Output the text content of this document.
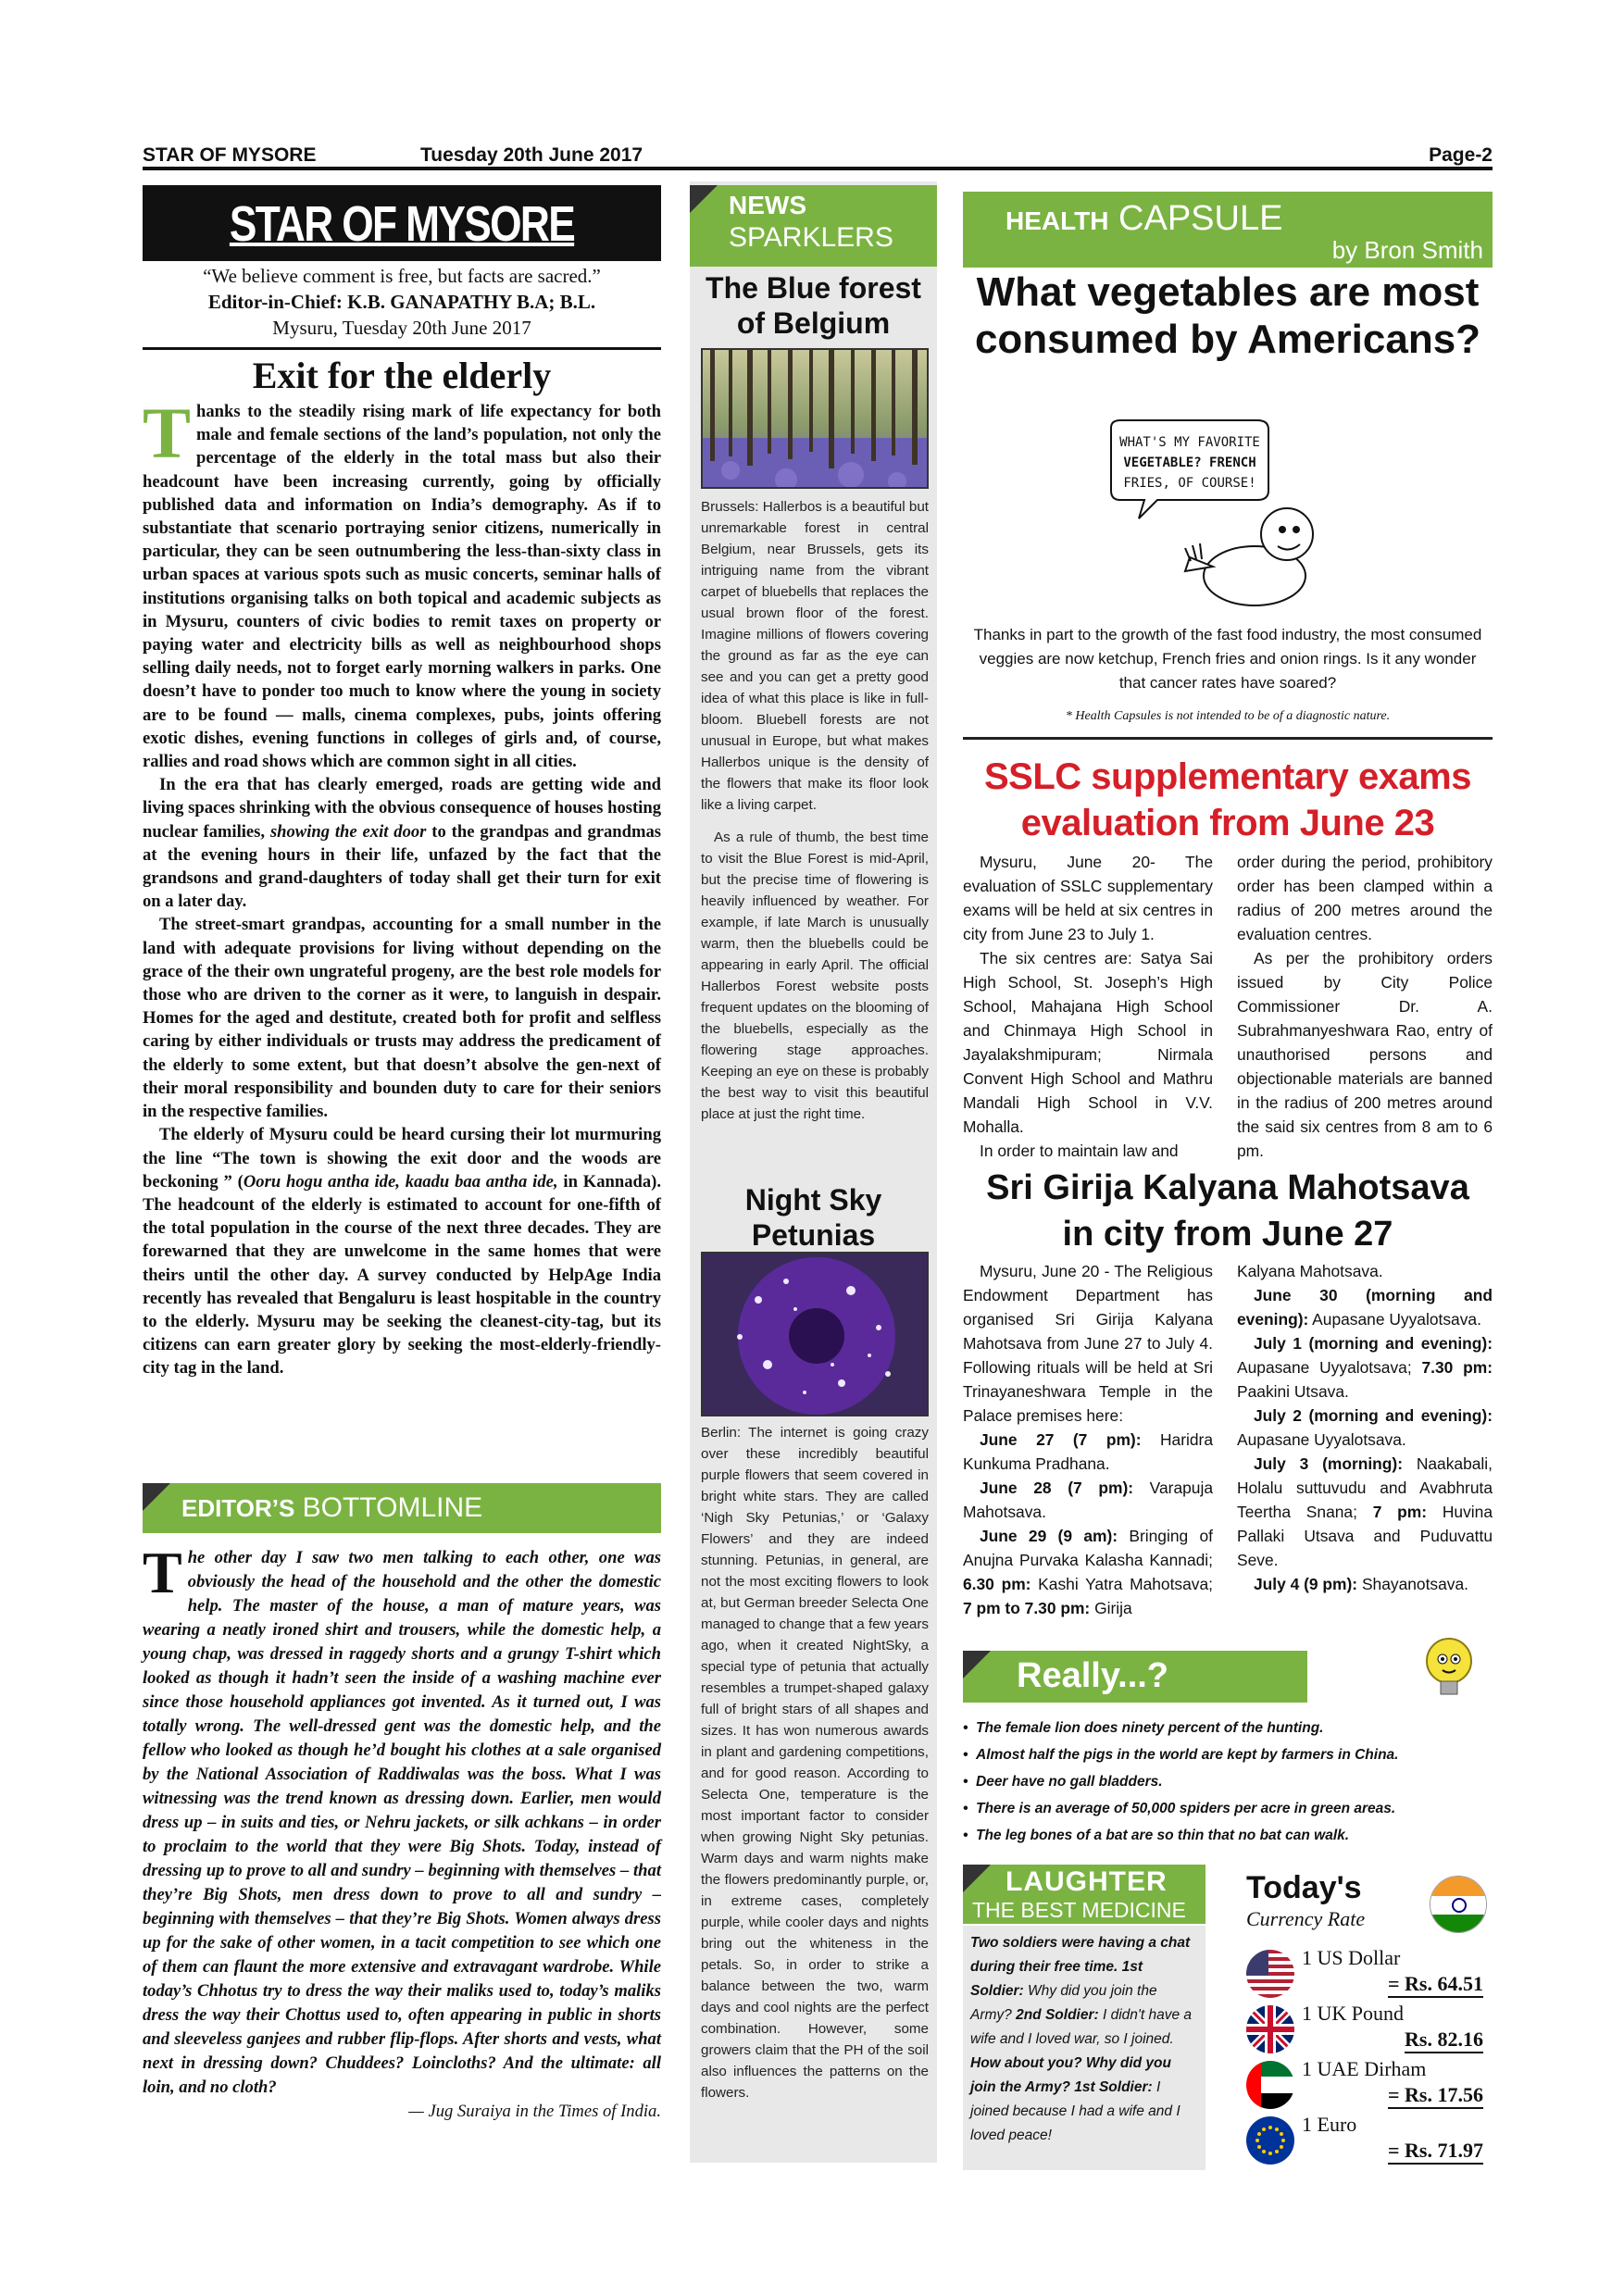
STAR OF MYSORE	Tuesday 20th June 2017	Page-2
STAR OF MYSORE
“We believe comment is free, but facts are sacred.”
Editor-in-Chief: K.B. GANAPATHY B.A; B.L.
Mysuru, Tuesday 20th June 2017
Exit for the elderly

Thanks to the steadily rising mark of life expectancy for both male and female sections of the land’s population, not only the percentage of the elderly in the total mass but also their headcount have been increasing currently, going by officially published data and information on India’s demography. As if to substantiate that scenario portraying senior citizens, numerically in particular, they can be seen outnumbering the less-than-sixty class in urban spaces at various spots such as music concerts, seminar halls of institutions organising talks on both topical and academic subjects as in Mysuru, counters of civic bodies to remit taxes on property or paying water and electricity bills as well as neighbourhood shops selling daily needs, not to forget early morning walkers in parks. One doesn’t have to ponder too much to know where the young in society are to be found — malls, cinema complexes, pubs, joints offering exotic dishes, evening functions in colleges of girls and, of course, rallies and road shows which are common sight in all cities.

In the era that has clearly emerged, roads are getting wide and living spaces shrinking with the obvious consequence of houses hosting nuclear families, showing the exit door to the grandpas and grandmas at the evening hours in their life, unfazed by the fact that the grandsons and grand-daughters of today shall get their turn for exit on a later day.

The street-smart grandpas, accounting for a small number in the land with adequate provisions for living without depending on the grace of the their own ungrateful progeny, are the best role models for those who are driven to the corner as it were, to languish in despair. Homes for the aged and destitute, created both for profit and selfless caring by either individuals or trusts may address the predicament of the elderly to some extent, but that doesn’t absolve the gen-next of their moral responsibility and bounden duty to care for their seniors in the respective families.

The elderly of Mysuru could be heard cursing their lot murmuring the line “The town is showing the exit door and the woods are beckoning ” (Ooru hogu antha ide, kaadu baa antha ide, in Kannada). The headcount of the elderly is estimated to account for one-fifth of the total population in the course of the next three decades. They are forewarned that they are unwelcome in the same homes that were theirs until the other day. A survey conducted by HelpAge India recently has revealed that Bengaluru is least hospitable in the country to the elderly. Mysuru may be seeking the cleanest-city-tag, but its citizens can earn greater glory by seeking the most-elderly-friendly-city tag in the land.

EDITOR’S BOTTOMLINE
The other day I saw two men talking to each other, one was obviously the head of the household and the other the domestic help. The master of the house, a man of mature years, was wearing a neatly ironed shirt and trousers, while the domestic help, a young chap, was dressed in raggedy shorts and a grungy T-shirt which looked as though it hadn’t seen the inside of a washing machine ever since those household appliances got invented. As it turned out, I was totally wrong. The well-dressed gent was the domestic help, and the fellow who looked as though he’d bought his clothes at a sale organised by the National Association of Raddiwalas was the boss. What I was witnessing was the trend known as dressing down. Earlier, men would dress up – in suits and ties, or Nehru jackets, or silk achkans – in order to proclaim to the world that they were Big Shots. Today, instead of dressing up to prove to all and sundry – beginning with themselves – that they’re Big Shots, men dress down to prove to all and sundry – beginning with themselves – that they’re Big Shots. Women always dress up for the sake of other women, in a tacit competition to see which one of them can flaunt the more extensive and extravagant wardrobe. While today’s Chhotus try to dress the way their maliks used to, today’s maliks dress the way their Chottus used to, often appearing in public in shorts and sleeveless ganjees and rubber flip-flops. After shorts and vests, what next in dressing down? Chuddees? Loincloths? And the ultimate: all loin, and no cloth?
— Jug Suraiya in the Times of India.
NEWS
SPARKLERS
The Blue forest of Belgium

Brussels: Hallerbos is a beautiful but unremarkable forest in central Belgium, near Brussels, gets its intriguing name from the vibrant carpet of bluebells that replaces the usual brown floor of the forest. Imagine millions of flowers covering the ground as far as the eye can see and you can get a pretty good idea of what this place is like in full-bloom. Bluebell forests are not unusual in Europe, but what makes Hallerbos unique is the density of the flowers that make its floor look like a living carpet.

As a rule of thumb, the best time to visit the Blue Forest is mid-April, but the precise time of flowering is heavily influenced by weather. For example, if late March is unusually warm, then the bluebells could be appearing in early April. The official Hallerbos Forest website posts frequent updates on the blooming of the bluebells, especially as the flowering stage approaches. Keeping an eye on these is probably the best way to visit this beautiful place at just the right time.

Night Sky Petunias

Berlin: The internet is going crazy over these incredibly beautiful purple flowers that seem covered in bright white stars. They are called ‘Nigh Sky Petunias,’ or ‘Galaxy Flowers’ and they are indeed stunning. Petunias, in general, are not the most exciting flowers to look at, but German breeder Selecta One managed to change that a few years ago, when it created NightSky, a special type of petunia that actually resembles a trumpet-shaped galaxy full of bright stars of all shapes and sizes. It has won numerous awards in plant and gardening competitions, and for good reason. According to Selecta One, temperature is the most important factor to consider when growing Night Sky petunias. Warm days and warm nights make the flowers predominantly purple, or, in extreme cases, completely purple, while cooler days and nights bring out the whiteness in the petals. So, in order to strike a balance between the two, warm days and cool nights are the perfect combination. However, some growers claim that the PH of the soil also influences the patterns on the flowers.

HEALTH CAPSULE
by Bron Smith
What vegetables are most consumed by Americans?
WHAT'S MY FAVORITE
VEGETABLE? FRENCH
FRIES, OF COURSE!
Thanks in part to the growth of the fast food industry, the most consumed veggies are now ketchup, French fries and onion rings. Is it any wonder that cancer rates have soared?
* Health Capsules is not intended to be of a diagnostic nature.
SSLC supplementary exams
evaluation from June 23

Mysuru, June 20- The evaluation of SSLC supplementary exams will be held at six centres in city from June 23 to July 1.

The six centres are: Satya Sai High School, St. Joseph’s High School, Mahajana High School and Chinmaya High School in Jayalakshmipuram; Nirmala Convent High School and Mathru Mandali High School in V.V. Mohalla.

In order to maintain law and

order during the period, prohibitory order has been clamped within a radius of 200 metres around the evaluation centres.

As per the prohibitory orders issued by City Police Commissioner Dr. A. Subrahmanyeshwara Rao, entry of unauthorised persons and objectionable materials are banned in the radius of 200 metres around the said six centres from 8 am to 6 pm.

Sri Girija Kalyana Mahotsava
in city from June 27

Mysuru, June 20 - The Religious Endowment Department has organised Sri Girija Kalyana Mahotsava from June 27 to July 4. Following rituals will be held at Sri Trinayaneshwara Temple in the Palace premises here:

June 27 (7 pm): Haridra Kunkuma Pradhana.

June 28 (7 pm): Varapuja Mahotsava.

June 29 (9 am): Bringing of Anujna Purvaka Kalasha Kannadi; 6.30 pm: Kashi Yatra Mahotsava; 7 pm to 7.30 pm: Girija

Kalyana Mahotsava.

June 30 (morning and evening): Aupasane Uyyalotsava.

July 1 (morning and evening): Aupasane Uyyalotsava; 7.30 pm: Paakini Utsava.

July 2 (morning and evening): Aupasane Uyyalotsava.

July 3 (morning): Naakabali, Holalu suttuvudu and Avabhruta Teertha Snana; 7 pm: Huvina Pallaki Utsava and Puduvattu Seve.

July 4 (9 pm): Shayanotsava.

Really...?
• The female lion does ninety percent of the hunting.
• Almost half the pigs in the world are kept by farmers in China.
• Deer have no gall bladders.
• There is an average of 50,000 spiders per acre in green areas.
• The leg bones of a bat are so thin that no bat can walk.
LAUGHTER
THE BEST MEDICINE
Two soldiers were having a chat during their free time. 1st Soldier: Why did you join the Army? 2nd Soldier: I didn't have a wife and I loved war, so I joined. How about you? Why did you join the Army? 1st Soldier: I joined because I had a wife and I loved peace!
Today's
Currency Rate
1 US Dollar
= Rs. 64.51
1 UK Pound
Rs. 82.16
1 UAE Dirham
= Rs. 17.56
1 Euro
= Rs. 71.97
